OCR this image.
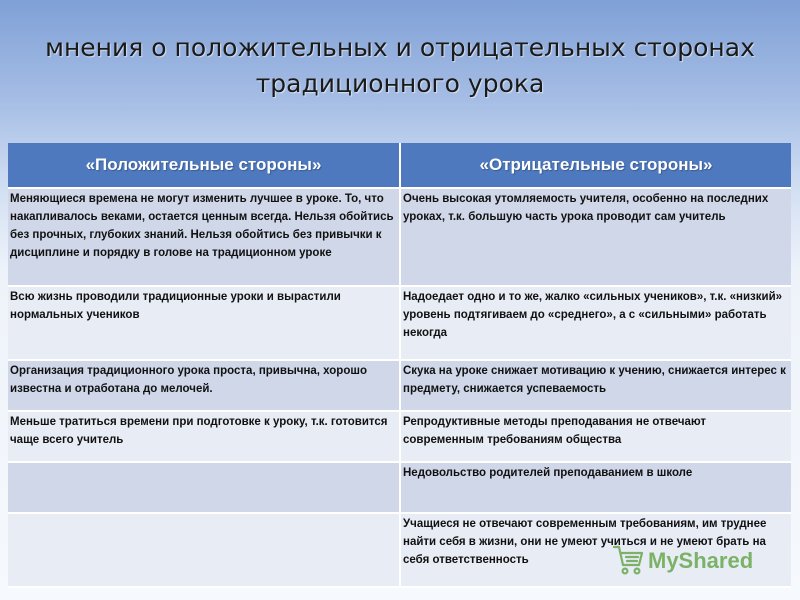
мнения о положительных и отрицательных сторонах
традиционного урока
«Положительные стороны»	«Отрицательные стороны»
Меняющиеся времена не могут изменить лучшее в уроке. То, что накапливалось веками, остается ценным всегда. Нельзя обойтись без прочных, глубоких знаний. Нельзя обойтись без привычки к дисциплине и порядку в голове на традиционном уроке	Очень высокая утомляемость учителя, особенно на последних уроках, т.к. большую часть урока проводит сам учитель
Всю жизнь проводили традиционные уроки и вырастили нормальных учеников	Надоедает одно и то же, жалко «сильных учеников», т.к. «низкий» уровень подтягиваем до «среднего», а с «сильными» работать некогда
Организация традиционного урока проста, привычна, хорошо известна и отработана до мелочей.	Скука на уроке снижает мотивацию к учению, снижается интерес к предмету, снижается успеваемость
Меньше тратиться времени при подготовке к уроку, т.к. готовится чаще всего учитель	Репродуктивные методы преподавания не отвечают современным требованиям общества
	Недовольство родителей преподаванием в школе
	Учащиеся не отвечают современным требованиям, им труднее найти себя в жизни, они не умеют учиться и не умеют брать на себя ответственность	MyShared
